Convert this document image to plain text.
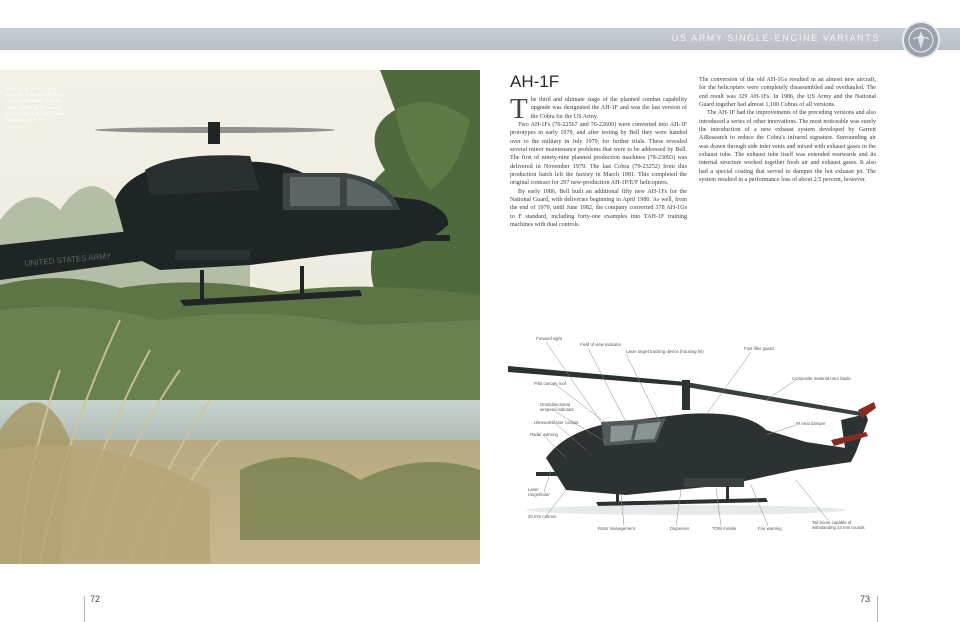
US ARMY SINGLE-ENGINE VARIANTS
UNITED STATES ARMY
A US Army AH-1F during Exercise Gold Shield held in Honduras in 1987. Note the cable cutters on the canopy roof and beneath the forward fuselage. US Army
AH-1F

The third and ultimate stage of the planned combat capability upgrade was designated the AH-1F and was the last version of the Cobra for the US Army.

Two AH-1Fs (76-22567 and 76-22600) were converted into AH-1F prototypes in early 1979, and after testing by Bell they were handed over to the military in July 1979, for further trials. These revealed several minor maintenance problems that were to be addressed by Bell. The first of ninety-nine planned production machines (78-23093) was delivered in November 1979. The last Cobra (79-23252) from this production batch left the factory in March 1981. This completed the original contract for 297 new-production AH-1P/E/F helicopters.

By early 1986, Bell built an additional fifty new AH-1Fs for the National Guard, with deliveries beginning in April 1980. As well, from the end of 1979, until June 1982, the company converted 378 AH-1Gs to F standard, including forty-one examples into TAH-1F training machines with dual controls.

The conversion of the old AH-1Gs resulted in an almost new aircraft, for the helicopters were completely disassembled and overhauled. The end result was 329 AH-1Fs. In 1986, the US Army and the National Guard together had almost 1,100 Cobras of all versions.

The AH-1F had the improvements of the preceding versions and also introduced a series of other innovations. The most noticeable was surely the introduction of a new exhaust system developed by Garrett AiResearch to reduce the Cobra's infrared signature. Surrounding air was drawn through side inlet vents and mixed with exhaust gases in the exhaust tube. The exhaust tube itself was extended rearwards and its internal structure worked together fresh air and exhaust gases. It also had a special coating that served to dampen the hot exhaust jet. The system resulted in a performance loss of about 2.5 percent, however.

Forward sight
Field of view indicator
Laser target tracking device (housing fin)
Fuel filler guard
Composite material rotor blade
Pilot canopy roof
Omnidirectional airspeed indicator
Ultraviolet/laser cockpit
Radar warning
IR heat damper
Laser rangefinder
20 mm cannon
Rotor management	Dispenser	TOW missile	Fire warning
Tail boom capable of withstanding 23 mm rounds
72	73
